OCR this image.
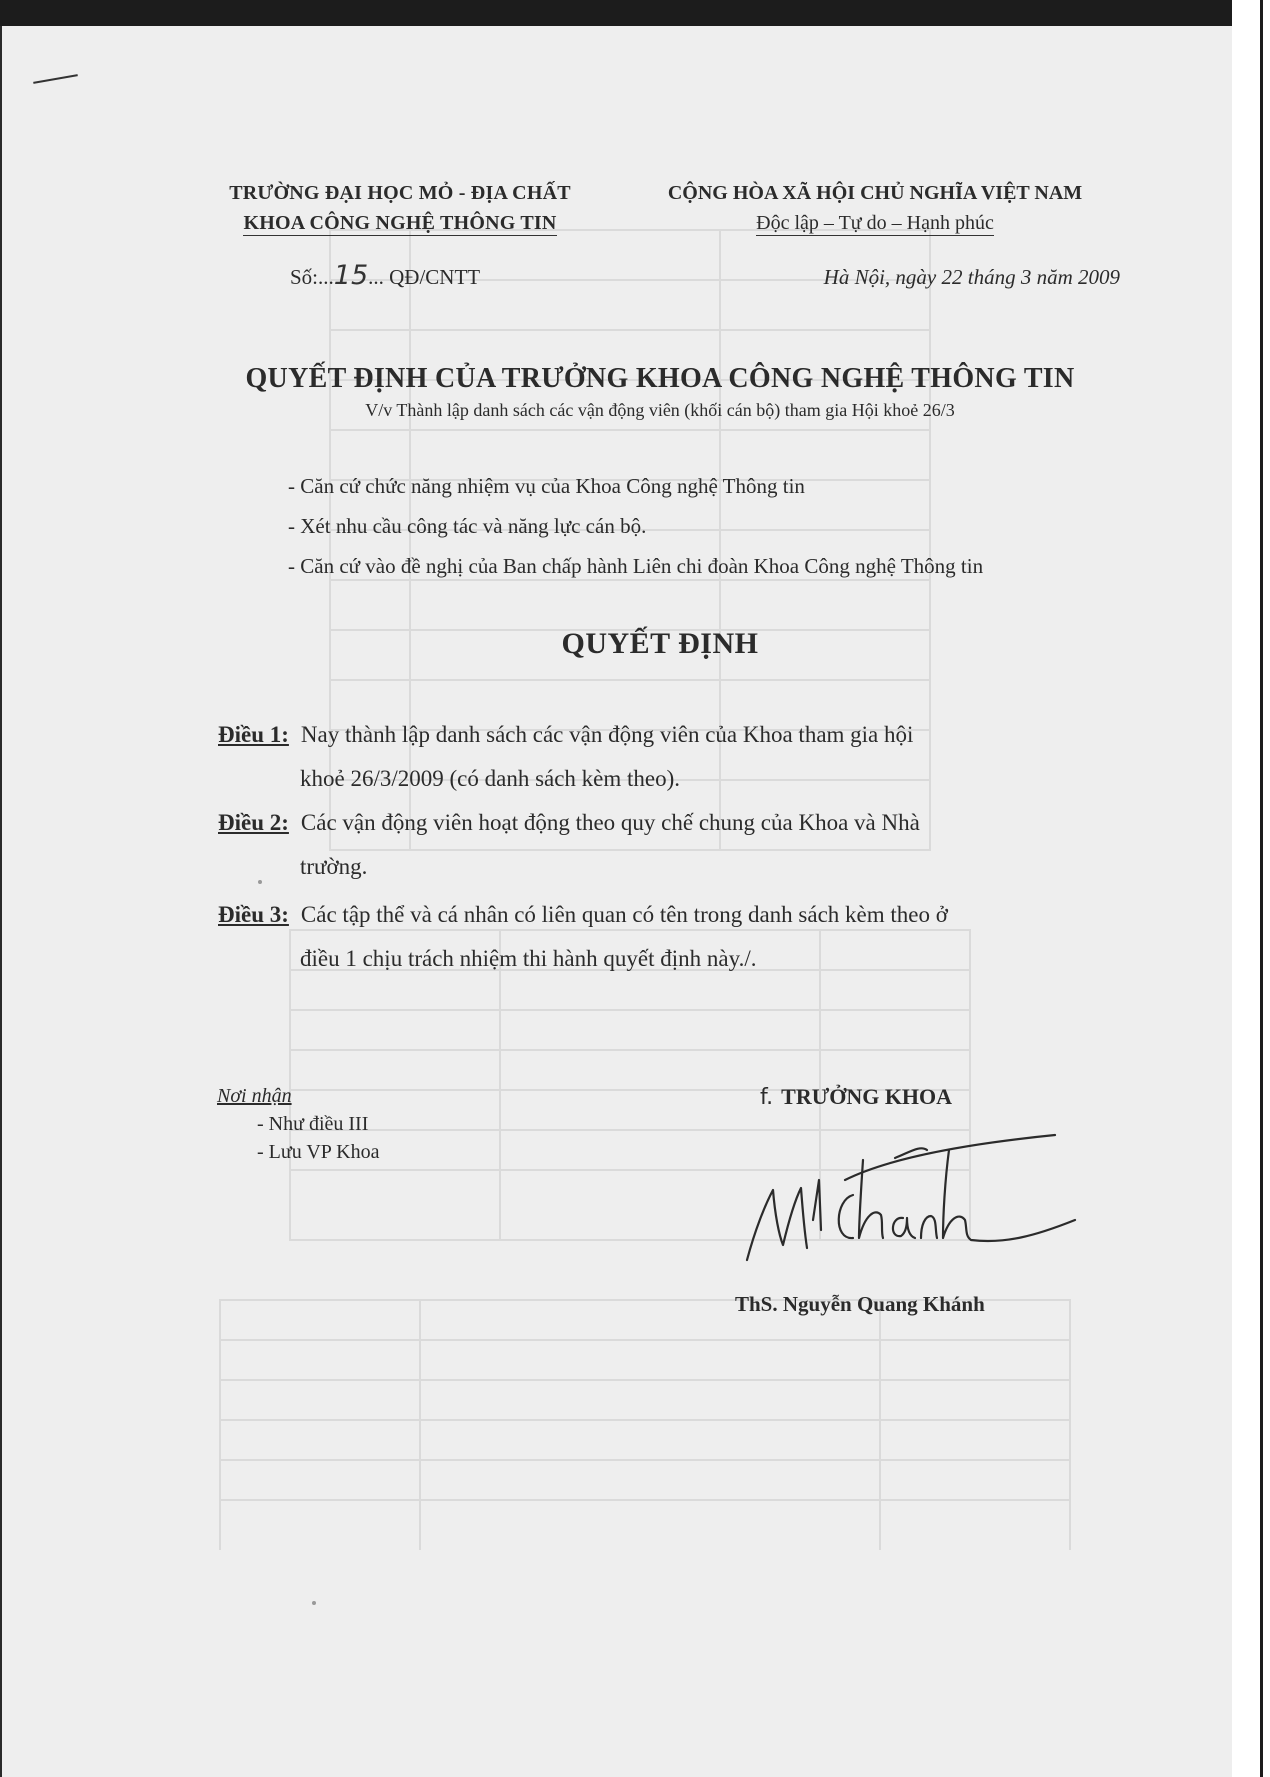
TRƯỜNG ĐẠI HỌC MỎ - ĐỊA CHẤT
KHOA CÔNG NGHỆ THÔNG TIN
CỘNG HÒA XÃ HỘI CHỦ NGHĨA VIỆT NAM
Độc lập – Tự do – Hạnh phúc
Số:...15... QĐ/CNTT	Hà Nội, ngày 22 tháng 3 năm 2009
QUYẾT ĐỊNH CỦA TRƯỞNG KHOA CÔNG NGHỆ THÔNG TIN
V/v Thành lập danh sách các vận động viên (khối cán bộ) tham gia Hội khoẻ 26/3
- Căn cứ chức năng nhiệm vụ của Khoa Công nghệ Thông tin
- Xét nhu cầu công tác và năng lực cán bộ.
- Căn cứ vào đề nghị của Ban chấp hành Liên chi đoàn Khoa Công nghệ Thông tin
QUYẾT ĐỊNH
Điều 1: Nay thành lập danh sách các vận động viên của Khoa tham gia hội
khoẻ 26/3/2009 (có danh sách kèm theo).
Điều 2: Các vận động viên hoạt động theo quy chế chung của Khoa và Nhà
trường.
Điều 3: Các tập thể và cá nhân có liên quan có tên trong danh sách kèm theo ở
điều 1 chịu trách nhiệm thi hành quyết định này./.
Nơi nhận
- Như điều III
- Lưu VP Khoa
f. TRƯỞNG KHOA
ThS. Nguyễn Quang Khánh
